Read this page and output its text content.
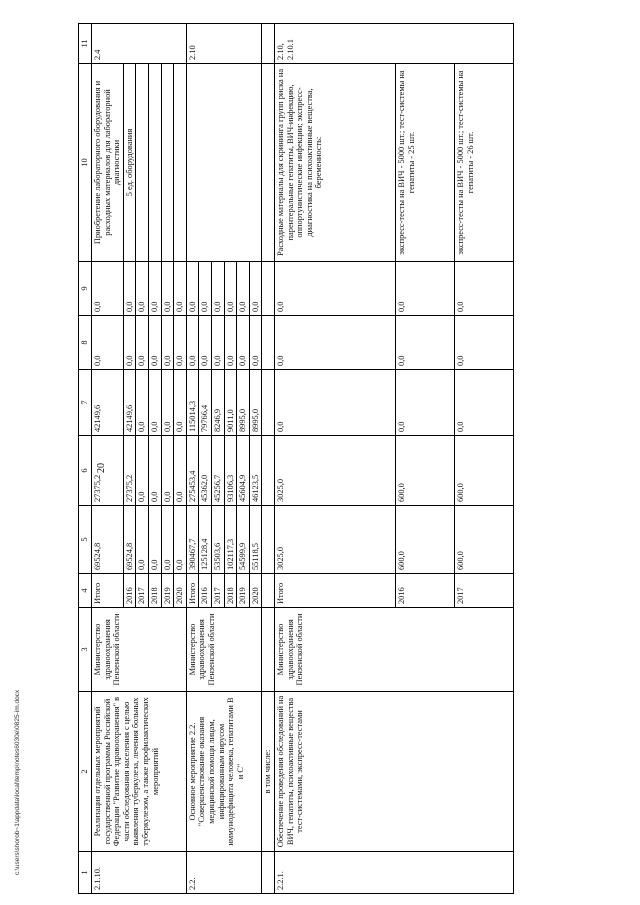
20
c:\users\shorob~1\appdata\local\temp\notes6030e\0825-im.docx	1	2	3	4	5	6	7	8	9	10	11
2.1.10.	Реализация отдельных мероприятий государственной программы Российской Федерации "Развитие здравоохранения" в части обследования населения с целью выявления туберкулеза, лечения больных туберкулезом, а также профилактических мероприятий	Министерство здравоохранения Пензенской области	Итого	69524,8	27375,2	42149,6	0,0	0,0	Приобретение лабораторного оборудования и расходных материалов для лабораторной диагностики	2.4
			2016	69524,8	27375,2	42149,6	0,0	0,0	5 ед. оборудования	
			2017	0,0	0,0	0,0	0,0	0,0		
			2018	0,0	0,0	0,0	0,0	0,0		
			2019	0,0	0,0	0,0	0,0	0,0		
			2020	0,0	0,0	0,0	0,0	0,0		
2.2.	Основное мероприятие 2.2. "Совершенствование оказания медицинской помощи лицам, инфицированным вирусом иммунодефицита человека, гепатитами B и C"	Министерство здравоохранения Пензенской области	Итого	390467,7	275453,4	115014,3	0,0	0,0		2.10
			2016	125128,4	45362,0	79766,4	0,0	0,0		
			2017	53503,6	45256,7	8246,9	0,0	0,0		
			2018	102117,3	93106,3	9011,0	0,0	0,0		
			2019	54599,9	45604,9	8995,0	0,0	0,0		
			2020	55118,5	46123,5	8995,0	0,0	0,0		
	в том числе:									
2.2.1.	Обеспечение проведения обследований на ВИЧ, гепатиты, психоактивные вещества тест-системами, экспресс-тестами	Министерство здравоохранения Пензенской области	Итого	3025,0	3025,0	0,0	0,0	0,0	Расходные материалы для скрининга групп риска на парентеральные гепатиты, ВИЧ-инфекцию, оппортунистические инфекции; экспресс-диагностика на психоактивные вещества, беременность:	2.10, 2.10.1
			2016	600,0	600,0	0,0	0,0	0,0	экспресс-тесты на ВИЧ - 5000 шт.; тест-системы на гепатиты - 25 шт.	
			2017	600,0	600,0	0,0	0,0	0,0	экспресс-тесты на ВИЧ - 5000 шт.; тест-системы на гепатиты - 26 шт.	
